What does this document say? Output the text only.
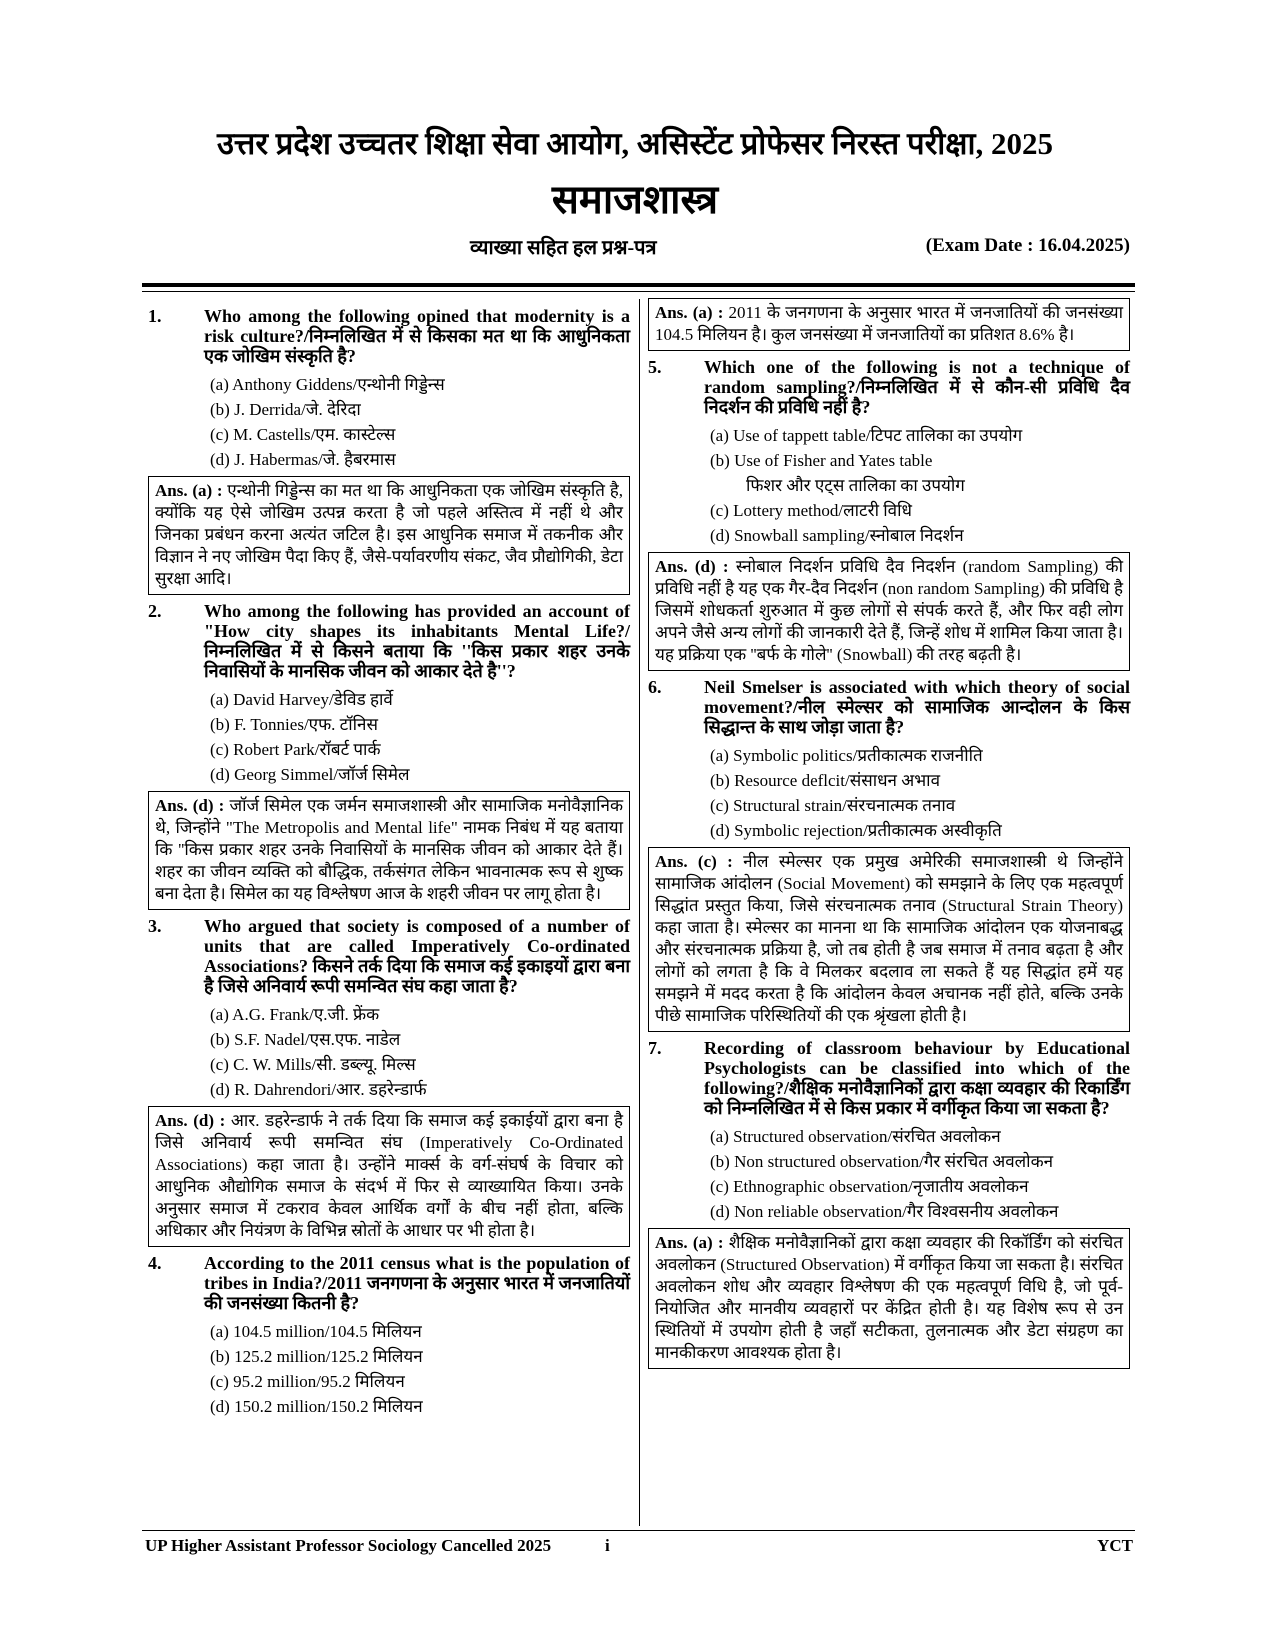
उत्तर प्रदेश उच्चतर शिक्षा सेवा आयोग, असिस्टेंट प्रोफेसर निरस्त परीक्षा, 2025
समाजशास्त्र
व्याख्या सहित हल प्रश्न-पत्र	(Exam Date : 16.04.2025)
1. Who among the following opined that modernity is a risk culture?/निम्नलिखित में से किसका मत था कि आधुनिकता एक जोखिम संस्कृति है?
(a) Anthony Giddens/एन्थोनी गिड्डेन्स
(b) J. Derrida/जे. देरिदा
(c) M. Castells/एम. कास्टेल्स
(d) J. Habermas/जे. हैबरमास
Ans. (a) : एन्थोनी गिड्डेन्स का मत था कि आधुनिकता एक जोखिम संस्कृति है, क्योंकि यह ऐसे जोखिम उत्पन्न करता है जो पहले अस्तित्व में नहीं थे और जिनका प्रबंधन करना अत्यंत जटिल है। इस आधुनिक समाज में तकनीक और विज्ञान ने नए जोखिम पैदा किए हैं, जैसे-पर्यावरणीय संकट, जैव प्रौद्योगिकी, डेटा सुरक्षा आदि।
2. Who among the following has provided an account of "How city shapes its inhabitants Mental Life?/निम्नलिखित में से किसने बताया कि ''किस प्रकार शहर उनके निवासियों के मानसिक जीवन को आकार देते है''?
(a) David Harvey/डेविड हार्वे
(b) F. Tonnies/एफ. टॉनिस
(c) Robert Park/रॉबर्ट पार्क
(d) Georg Simmel/जॉर्ज सिमेल
Ans. (d) : जॉर्ज सिमेल एक जर्मन समाजशास्त्री और सामाजिक मनोवैज्ञानिक थे, जिन्होंने "The Metropolis and Mental life" नामक निबंध में यह बताया कि ''किस प्रकार शहर उनके निवासियों के मानसिक जीवन को आकार देते हैं। शहर का जीवन व्यक्ति को बौद्धिक, तर्कसंगत लेकिन भावनात्मक रूप से शुष्क बना देता है। सिमेल का यह विश्लेषण आज के शहरी जीवन पर लागू होता है।
3. Who argued that society is composed of a number of units that are called Imperatively Co-ordinated Associations? किसने तर्क दिया कि समाज कई इकाइयों द्वारा बना है जिसे अनिवार्य रूपी समन्वित संघ कहा जाता है?
(a) A.G. Frank/ए.जी. फ्रेंक
(b) S.F. Nadel/एस.एफ. नाडेल
(c) C. W. Mills/सी. डब्ल्यू. मिल्स
(d) R. Dahrendori/आर. डहरेन्डार्फ
Ans. (d) : आर. डहरेन्डार्फ ने तर्क दिया कि समाज कई इकाईयों द्वारा बना है जिसे अनिवार्य रूपी समन्वित संघ (Imperatively Co-Ordinated Associations) कहा जाता है। उन्होंने मार्क्स के वर्ग-संघर्ष के विचार को आधुनिक औद्योगिक समाज के संदर्भ में फिर से व्याख्यायित किया। उनके अनुसार समाज में टकराव केवल आर्थिक वर्गों के बीच नहीं होता, बल्कि अधिकार और नियंत्रण के विभिन्न स्रोतों के आधार पर भी होता है।
4. According to the 2011 census what is the population of tribes in India?/2011 जनगणना के अनुसार भारत में जनजातियों की जनसंख्या कितनी है?
(a) 104.5 million/104.5 मिलियन
(b) 125.2 million/125.2 मिलियन
(c) 95.2 million/95.2 मिलियन
(d) 150.2 million/150.2 मिलियन
Ans. (a) : 2011 के जनगणना के अनुसार भारत में जनजातियों की जनसंख्या 104.5 मिलियन है। कुल जनसंख्या में जनजातियों का प्रतिशत 8.6% है।
5. Which one of the following is not a technique of random sampling?/निम्नलिखित में से कौन-सी प्रविधि दैव निदर्शन की प्रविधि नहीं है?
(a) Use of tappett table/टिपट तालिका का उपयोग
(b) Use of Fisher and Yates table
फिशर और एट्स तालिका का उपयोग
(c) Lottery method/लाटरी विधि
(d) Snowball sampling/स्नोबाल निदर्शन
Ans. (d) : स्नोबाल निदर्शन प्रविधि दैव निदर्शन (random Sampling) की प्रविधि नहीं है यह एक गैर-दैव निदर्शन (non random Sampling) की प्रविधि है जिसमें शोधकर्ता शुरुआत में कुछ लोगों से संपर्क करते हैं, और फिर वही लोग अपने जैसे अन्य लोगों की जानकारी देते हैं, जिन्हें शोध में शामिल किया जाता है। यह प्रक्रिया एक ''बर्फ के गोले'' (Snowball) की तरह बढ़ती है।
6. Neil Smelser is associated with which theory of social movement?/नील स्मेल्सर को सामाजिक आन्दोलन के किस सिद्धान्त के साथ जोड़ा जाता है?
(a) Symbolic politics/प्रतीकात्मक राजनीति
(b) Resource deflcit/संसाधन अभाव
(c) Structural strain/संरचनात्मक तनाव
(d) Symbolic rejection/प्रतीकात्मक अस्वीकृति
Ans. (c) : नील स्मेल्सर एक प्रमुख अमेरिकी समाजशास्त्री थे जिन्होंने सामाजिक आंदोलन (Social Movement) को समझाने के लिए एक महत्वपूर्ण सिद्धांत प्रस्तुत किया, जिसे संरचनात्मक तनाव (Structural Strain Theory) कहा जाता है। स्मेल्सर का मानना था कि सामाजिक आंदोलन एक योजनाबद्ध और संरचनात्मक प्रक्रिया है, जो तब होती है जब समाज में तनाव बढ़ता है और लोगों को लगता है कि वे मिलकर बदलाव ला सकते हैं यह सिद्धांत हमें यह समझने में मदद करता है कि आंदोलन केवल अचानक नहीं होते, बल्कि उनके पीछे सामाजिक परिस्थितियों की एक श्रृंखला होती है।
7. Recording of classroom behaviour by Educational Psychologists can be classified into which of the following?/शैक्षिक मनोवैज्ञानिकों द्वारा कक्षा व्यवहार की रिकार्डिंग को निम्नलिखित में से किस प्रकार में वर्गीकृत किया जा सकता है?
(a) Structured observation/संरचित अवलोकन
(b) Non structured observation/गैर संरचित अवलोकन
(c) Ethnographic observation/नृजातीय अवलोकन
(d) Non reliable observation/गैर विश्वसनीय अवलोकन
Ans. (a) : शैक्षिक मनोवैज्ञानिकों द्वारा कक्षा व्यवहार की रिकॉर्डिंग को संरचित अवलोकन (Structured Observation) में वर्गीकृत किया जा सकता है। संरचित अवलोकन शोध और व्यवहार विश्लेषण की एक महत्वपूर्ण विधि है, जो पूर्व-नियोजित और मानवीय व्यवहारों पर केंद्रित होती है। यह विशेष रूप से उन स्थितियों में उपयोग होती है जहाँ सटीकता, तुलनात्मक और डेटा संग्रहण का मानकीकरण आवश्यक होता है।
UP Higher Assistant Professor Sociology Cancelled 2025	i	YCT
